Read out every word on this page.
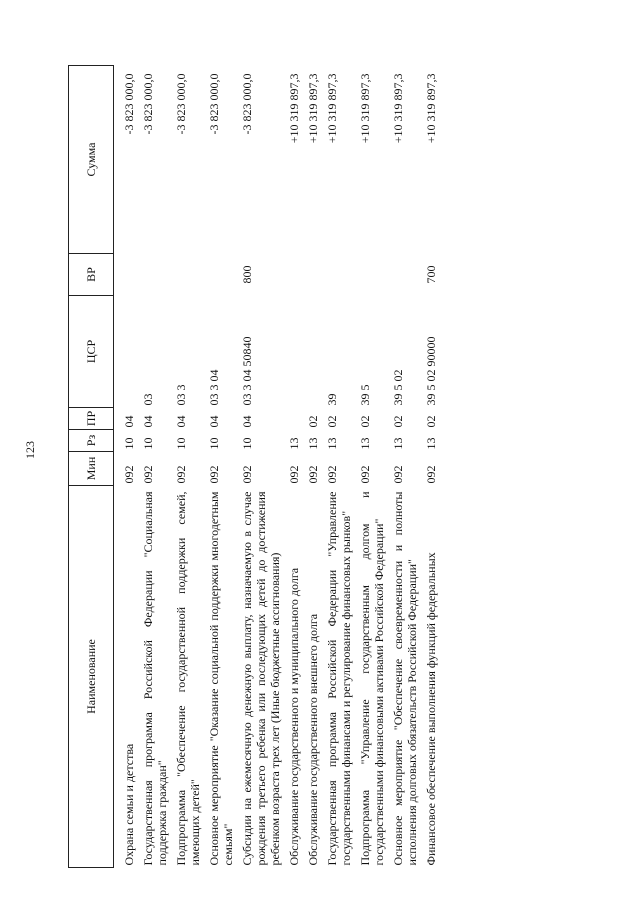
123
Наименование	Мин	Рз	ПР	ЦСР	ВР	Сумма
Охрана семьи и детства	092	10	04			-3 823 000,0
Государственная программа Российской Федерации "Социальная поддержка граждан"	092	10	04	03		-3 823 000,0
Подпрограмма "Обеспечение государственной поддержки семей, имеющих детей"	092	10	04	03 3		-3 823 000,0
Основное мероприятие "Оказание социальной поддержки многодетным семьям"	092	10	04	03 3 04		-3 823 000,0
Субсидии на ежемесячную денежную выплату, назначаемую в случае рождения третьего ребенка или последующих детей до достижения ребенком возраста трех лет (Иные бюджетные ассигнования)	092	10	04	03 3 04 50840	800	-3 823 000,0
Обслуживание государственного и муниципального долга	092	13				+10 319 897,3
Обслуживание государственного внешнего долга	092	13	02			+10 319 897,3
Государственная программа Российской Федерации "Управление государственными финансами и регулирование финансовых рынков"	092	13	02	39		+10 319 897,3
Подпрограмма "Управление государственным долгом и государственными финансовыми активами Российской Федерации"	092	13	02	39 5		+10 319 897,3
Основное мероприятие "Обеспечение своевременности и полноты исполнения долговых обязательств Российской Федерации"	092	13	02	39 5 02		+10 319 897,3
Финансовое обеспечение выполнения функций федеральных	092	13	02	39 5 02 90000	700	+10 319 897,3
